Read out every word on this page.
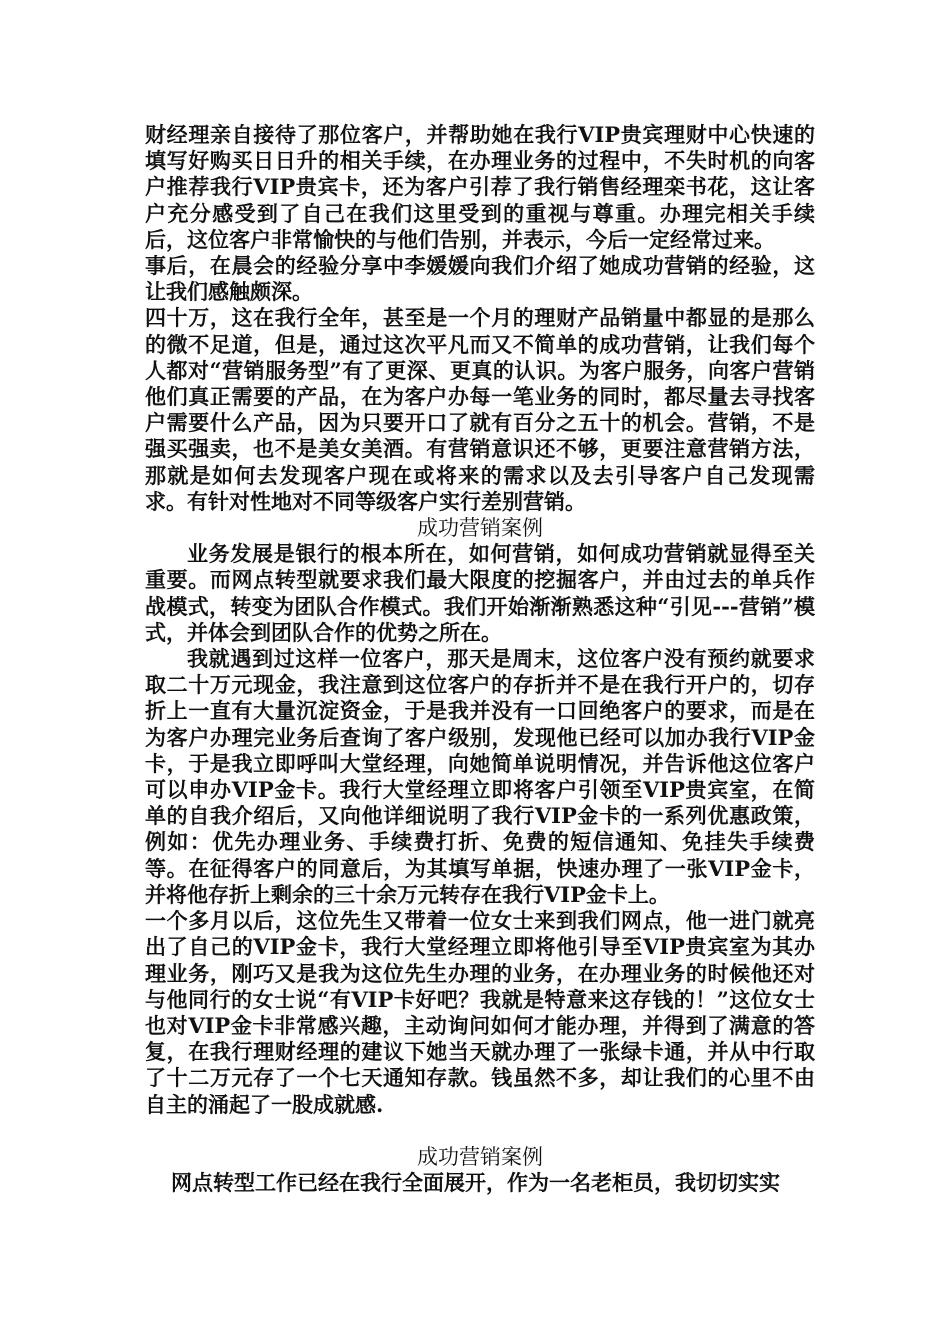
财经理亲自接待了那位客户，并帮助她在我行VIP贵宾理财中心快速的填写好购买日日升的相关手续，在办理业务的过程中，不失时机的向客户推荐我行VIP贵宾卡，还为客户引荐了我行销售经理栾书花，这让客户充分感受到了自己在我们这里受到的重视与尊重。办理完相关手续后，这位客户非常愉快的与他们告别，并表示，今后一定经常过来。

事后，在晨会的经验分享中李媛媛向我们介绍了她成功营销的经验，这让我们感触颇深。

四十万，这在我行全年，甚至是一个月的理财产品销量中都显的是那么的微不足道，但是，通过这次平凡而又不简单的成功营销，让我们每个人都对“营销服务型”有了更深、更真的认识。为客户服务，向客户营销他们真正需要的产品，在为客户办每一笔业务的同时，都尽量去寻找客户需要什么产品，因为只要开口了就有百分之五十的机会。营销，不是强买强卖，也不是美女美酒。有营销意识还不够，更要注意营销方法，那就是如何去发现客户现在或将来的需求以及去引导客户自己发现需求。有针对性地对不同等级客户实行差别营销。

成功营销案例

业务发展是银行的根本所在，如何营销，如何成功营销就显得至关重要。而网点转型就要求我们最大限度的挖掘客户，并由过去的单兵作战模式，转变为团队合作模式。我们开始渐渐熟悉这种“引见---营销”模式，并体会到团队合作的优势之所在。

我就遇到过这样一位客户，那天是周末，这位客户没有预约就要求取二十万元现金，我注意到这位客户的存折并不是在我行开户的，切存折上一直有大量沉淀资金，于是我并没有一口回绝客户的要求，而是在为客户办理完业务后查询了客户级别，发现他已经可以加办我行VIP金卡，于是我立即呼叫大堂经理，向她简单说明情况，并告诉他这位客户可以申办VIP金卡。我行大堂经理立即将客户引领至VIP贵宾室，在简单的自我介绍后，又向他详细说明了我行VIP金卡的一系列优惠政策，例如：优先办理业务、手续费打折、免费的短信通知、免挂失手续费等。在征得客户的同意后，为其填写单据，快速办理了一张VIP金卡，并将他存折上剩余的三十余万元转存在我行VIP金卡上。

一个多月以后，这位先生又带着一位女士来到我们网点，他一进门就亮出了自己的VIP金卡，我行大堂经理立即将他引导至VIP贵宾室为其办理业务，刚巧又是我为这位先生办理的业务，在办理业务的时候他还对与他同行的女士说“有VIP卡好吧？我就是特意来这存钱的！”这位女士也对VIP金卡非常感兴趣，主动询问如何才能办理，并得到了满意的答复，在我行理财经理的建议下她当天就办理了一张绿卡通，并从中行取了十二万元存了一个七天通知存款。钱虽然不多，却让我们的心里不由自主的涌起了一股成就感.

成功营销案例

网点转型工作已经在我行全面展开，作为一名老柜员，我切切实实
